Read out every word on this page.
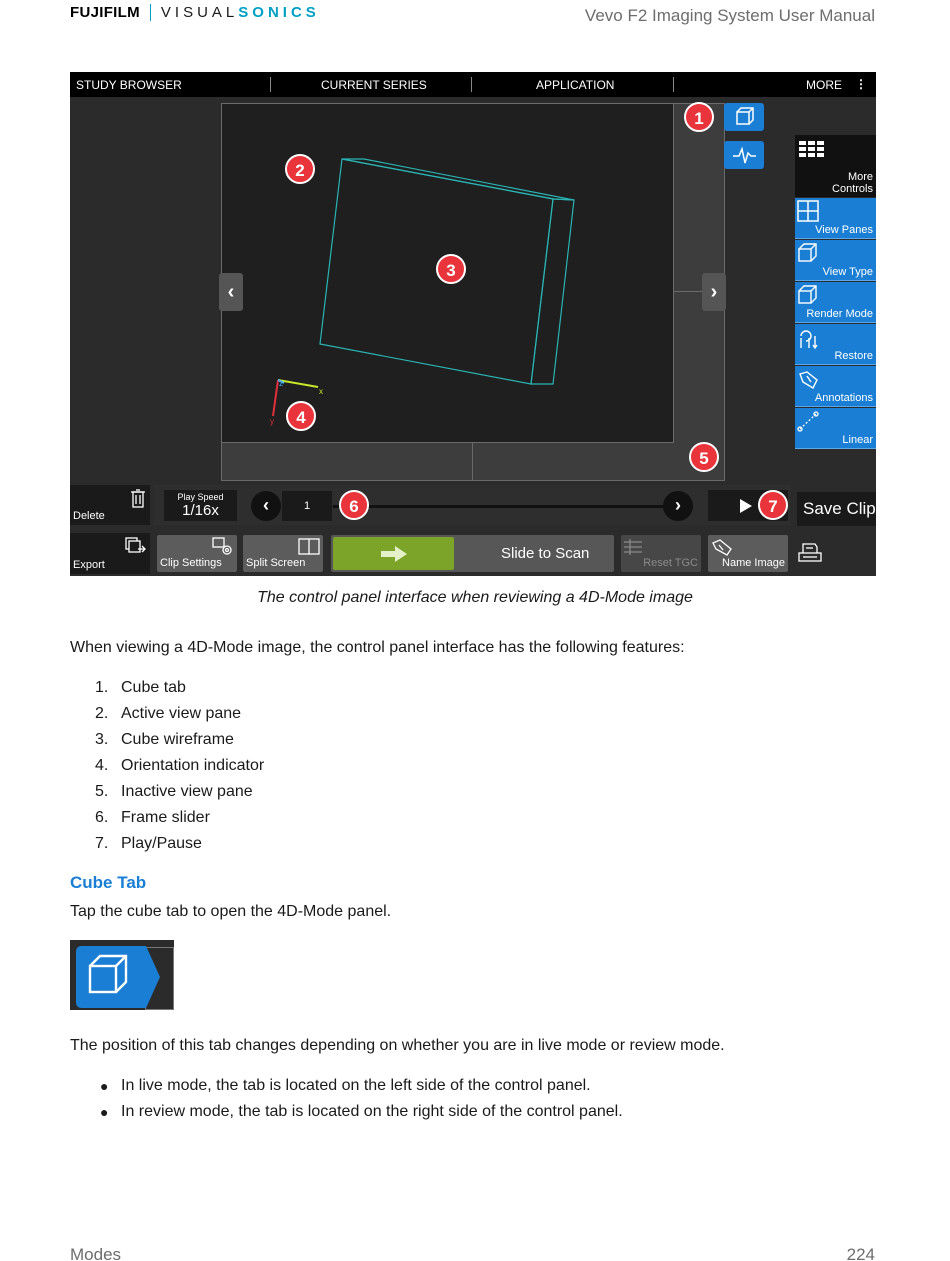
FUJIFILM VISUAL SONICS	Vevo F2 Imaging System User Manual
STUDY BROWSER	CURRENT SERIES	APPLICATION	MORE ⋮
x
y
z
‹	›
More
Controls
View Panes
View Type
Render Mode
Restore
Annotations
Linear
Delete
Play Speed
1/16x	‹	1	›	Save Clip
Export	Clip Settings Split Screen
Slide to Scan
Reset TGC Name Image
1
2
3
4
5
6	7
The control panel interface when reviewing a 4D-Mode image
When viewing a 4D-Mode image, the control panel interface has the following features:
1. Cube tab
2. Active view pane
3. Cube wireframe
4. Orientation indicator
5. Inactive view pane
6. Frame slider
7. Play/Pause
Cube Tab
Tap the cube tab to open the 4D-Mode panel.
The position of this tab changes depending on whether you are in live mode or review mode.
● In live mode, the tab is located on the left side of the control panel.
● In review mode, the tab is located on the right side of the control panel.
Modes	224
